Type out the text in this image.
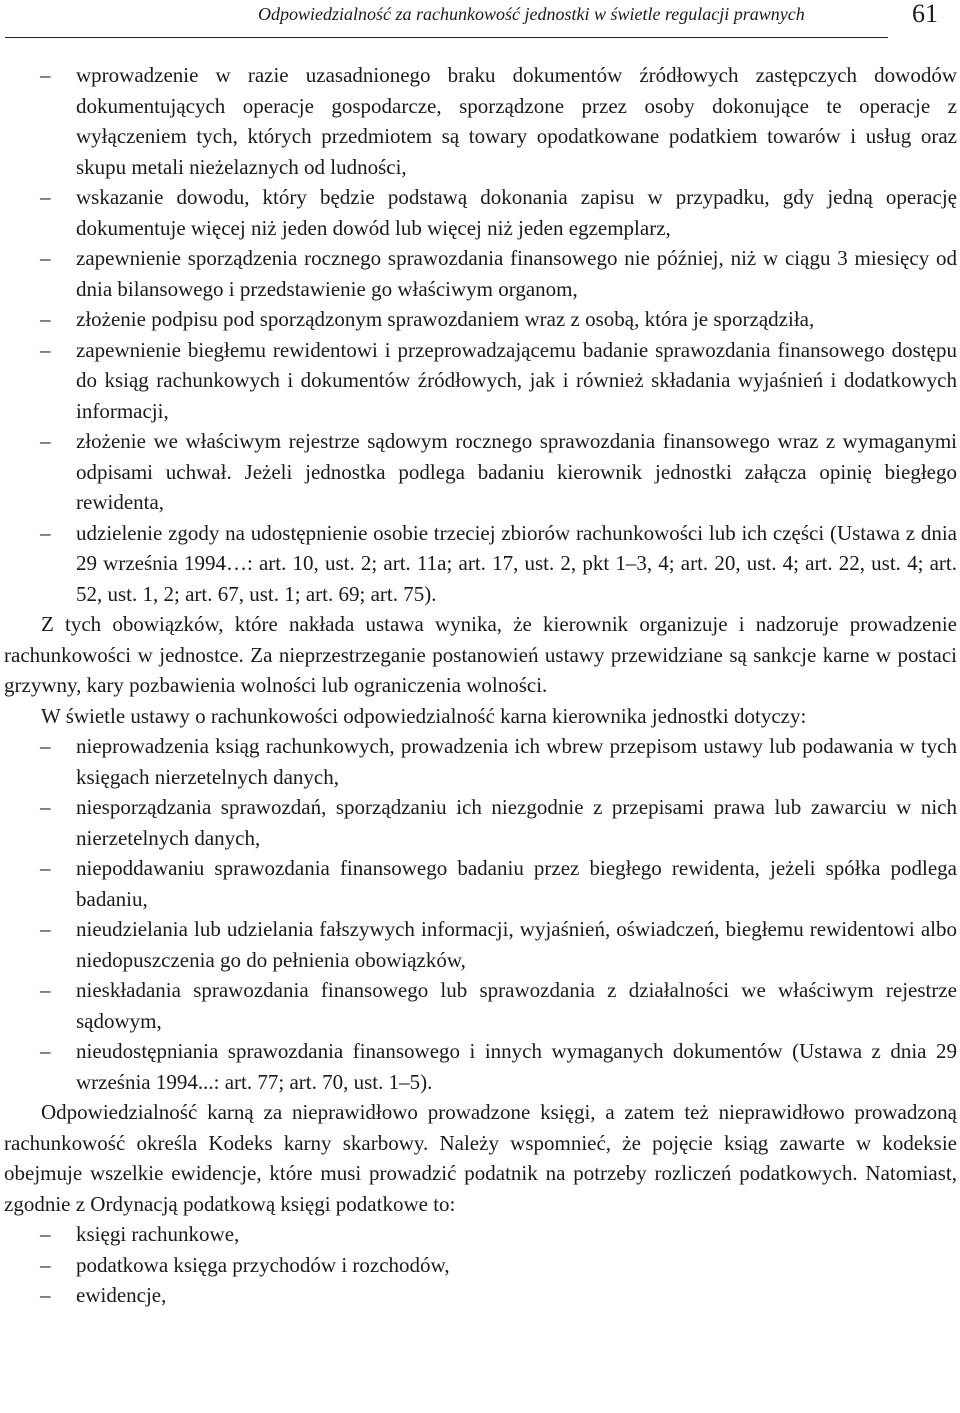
Odpowiedzialność za rachunkowość jednostki w świetle regulacji prawnych	61

– wprowadzenie w razie uzasadnionego braku dokumentów źródłowych zastępczych dowodów dokumentujących operacje gospodarcze, sporządzone przez osoby dokonujące te operacje z wyłączeniem tych, których przedmiotem są towary opodatkowane podatkiem towarów i usług oraz skupu metali nieżelaznych od ludności,

– wskazanie dowodu, który będzie podstawą dokonania zapisu w przypadku, gdy jedną operację dokumentuje więcej niż jeden dowód lub więcej niż jeden egzemplarz,

– zapewnienie sporządzenia rocznego sprawozdania finansowego nie później, niż w ciągu 3 miesięcy od dnia bilansowego i przedstawienie go właściwym organom,

– złożenie podpisu pod sporządzonym sprawozdaniem wraz z osobą, która je sporządziła,

– zapewnienie biegłemu rewidentowi i przeprowadzającemu badanie sprawozdania finansowego dostępu do ksiąg rachunkowych i dokumentów źródłowych, jak i również składania wyjaśnień i dodatkowych informacji,

– złożenie we właściwym rejestrze sądowym rocznego sprawozdania finansowego wraz z wymaganymi odpisami uchwał. Jeżeli jednostka podlega badaniu kierownik jednostki załącza opinię biegłego rewidenta,

– udzielenie zgody na udostępnienie osobie trzeciej zbiorów rachunkowości lub ich części (Ustawa z dnia 29 września 1994…: art. 10, ust. 2; art. 11a; art. 17, ust. 2, pkt 1–3, 4; art. 20, ust. 4; art. 22, ust. 4; art. 52, ust. 1, 2; art. 67, ust. 1; art. 69; art. 75).

Z tych obowiązków, które nakłada ustawa wynika, że kierownik organizuje i nadzoruje prowadzenie rachunkowości w jednostce. Za nieprzestrzeganie postanowień ustawy przewidziane są sankcje karne w postaci grzywny, kary pozbawienia wolności lub ograniczenia wolności.

W świetle ustawy o rachunkowości odpowiedzialność karna kierownika jednostki dotyczy:

– nieprowadzenia ksiąg rachunkowych, prowadzenia ich wbrew przepisom ustawy lub podawania w tych księgach nierzetelnych danych,

– niesporządzania sprawozdań, sporządzaniu ich niezgodnie z przepisami prawa lub zawarciu w nich nierzetelnych danych,

– niepoddawaniu sprawozdania finansowego badaniu przez biegłego rewidenta, jeżeli spółka podlega badaniu,

– nieudzielania lub udzielania fałszywych informacji, wyjaśnień, oświadczeń, biegłemu rewidentowi albo niedopuszczenia go do pełnienia obowiązków,

– nieskładania sprawozdania finansowego lub sprawozdania z działalności we właściwym rejestrze sądowym,

– nieudostępniania sprawozdania finansowego i innych wymaganych dokumentów (Ustawa z dnia 29 września 1994...: art. 77; art. 70, ust. 1–5).

Odpowiedzialność karną za nieprawidłowo prowadzone księgi, a zatem też nieprawidłowo prowadzoną rachunkowość określa Kodeks karny skarbowy. Należy wspomnieć, że pojęcie ksiąg zawarte w kodeksie obejmuje wszelkie ewidencje, które musi prowadzić podatnik na potrzeby rozliczeń podatkowych. Natomiast, zgodnie z Ordynacją podatkową księgi podatkowe to:

– księgi rachunkowe,

– podatkowa księga przychodów i rozchodów,

– ewidencje,
